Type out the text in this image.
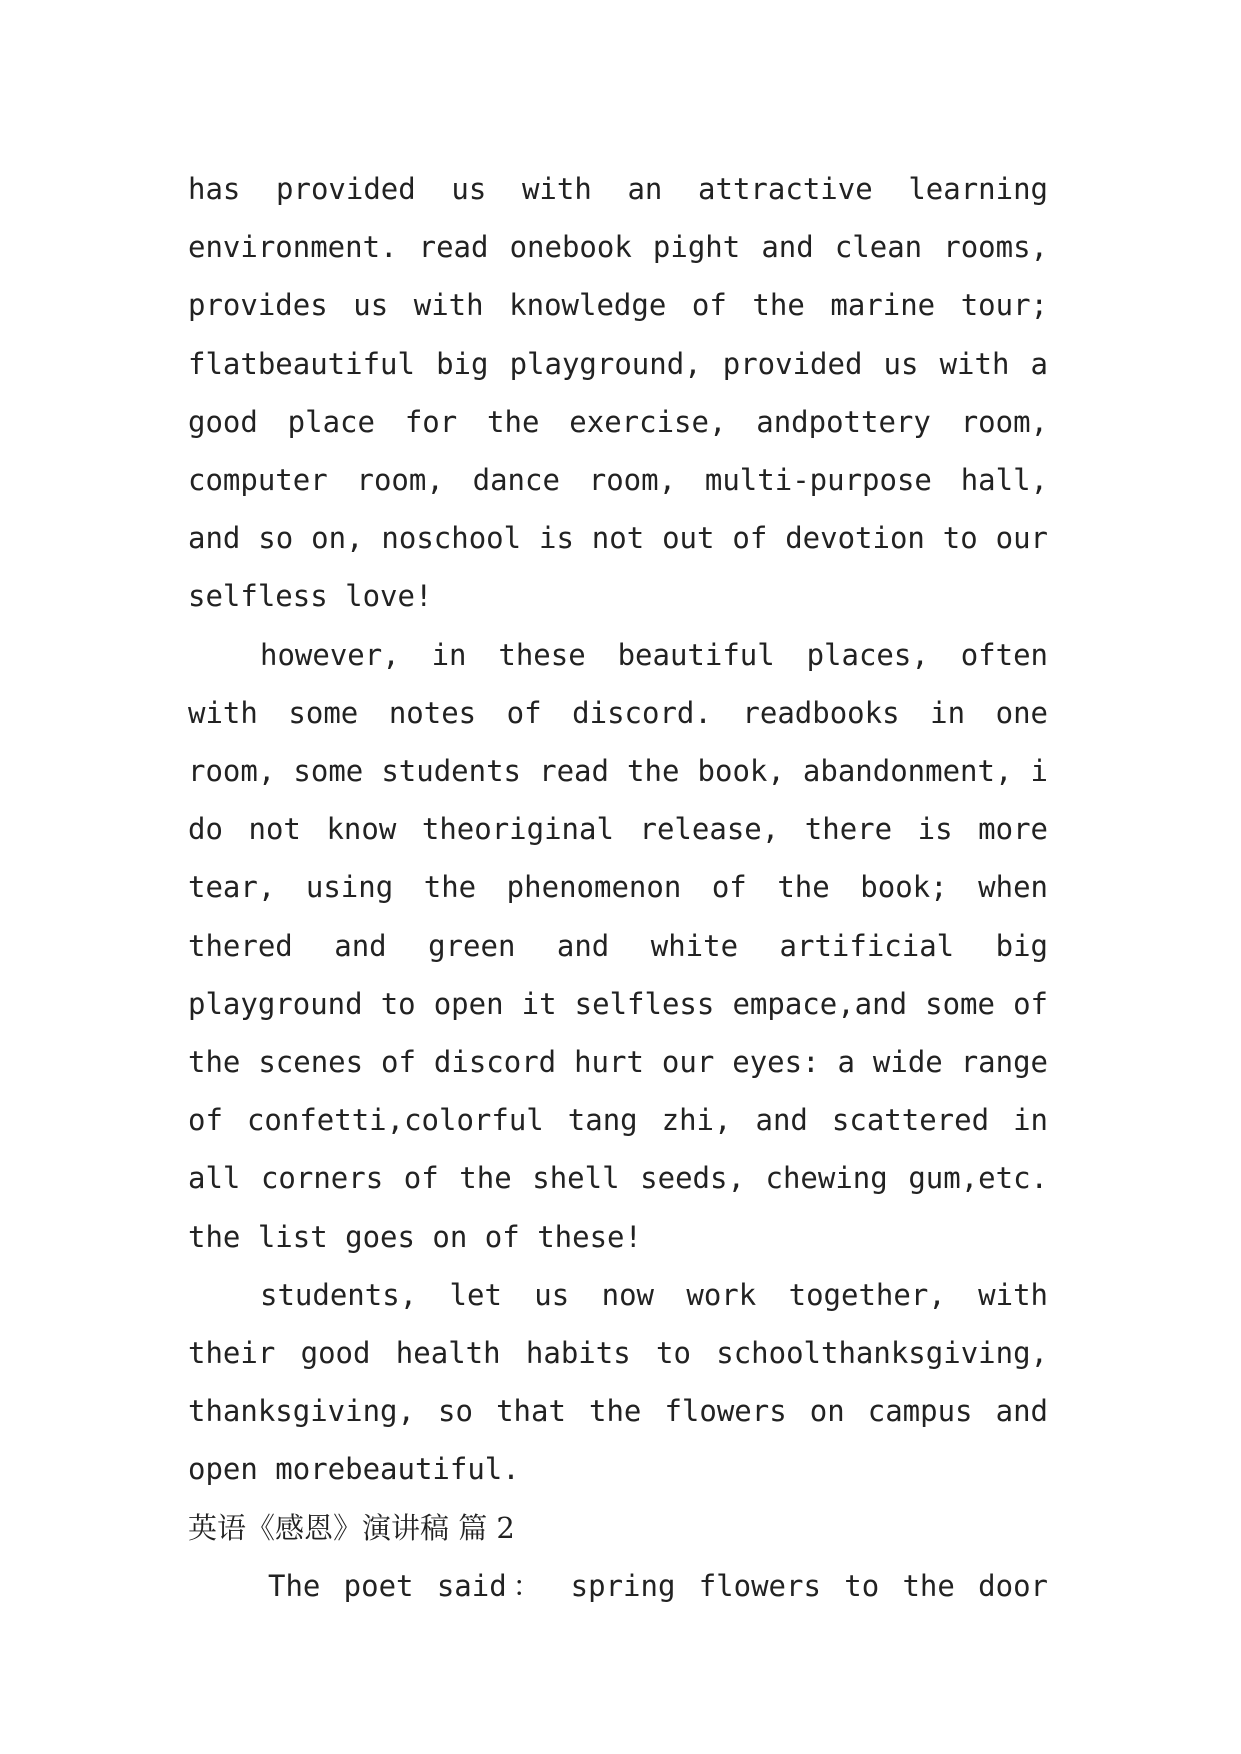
has provided us with an attractive learning environment. read onebook pight and clean rooms, provides us with knowledge of the marine tour; flatbeautiful big playground, provided us with a good place for the exercise, andpottery room, computer room, dance room, multi-purpose hall, and so on, noschool is not out of devotion to our selfless love!

however, in these beautiful places, often with some notes of discord. readbooks in one room, some students read the book, abandonment, i do not know theoriginal release, there is more tear, using the phenomenon of the book; when thered and green and white artificial big playground to open it selfless empace,and some of the scenes of discord hurt our eyes: a wide range of confetti,colorful tang zhi, and scattered in all corners of the shell seeds, chewing gum,etc. the list goes on of these!

students, let us now work together, with their good health habits to schoolthanksgiving, thanksgiving, so that the flowers on campus and open morebeautiful.

英语《感恩》演讲稿 篇 2

The poet said： spring flowers to the door
